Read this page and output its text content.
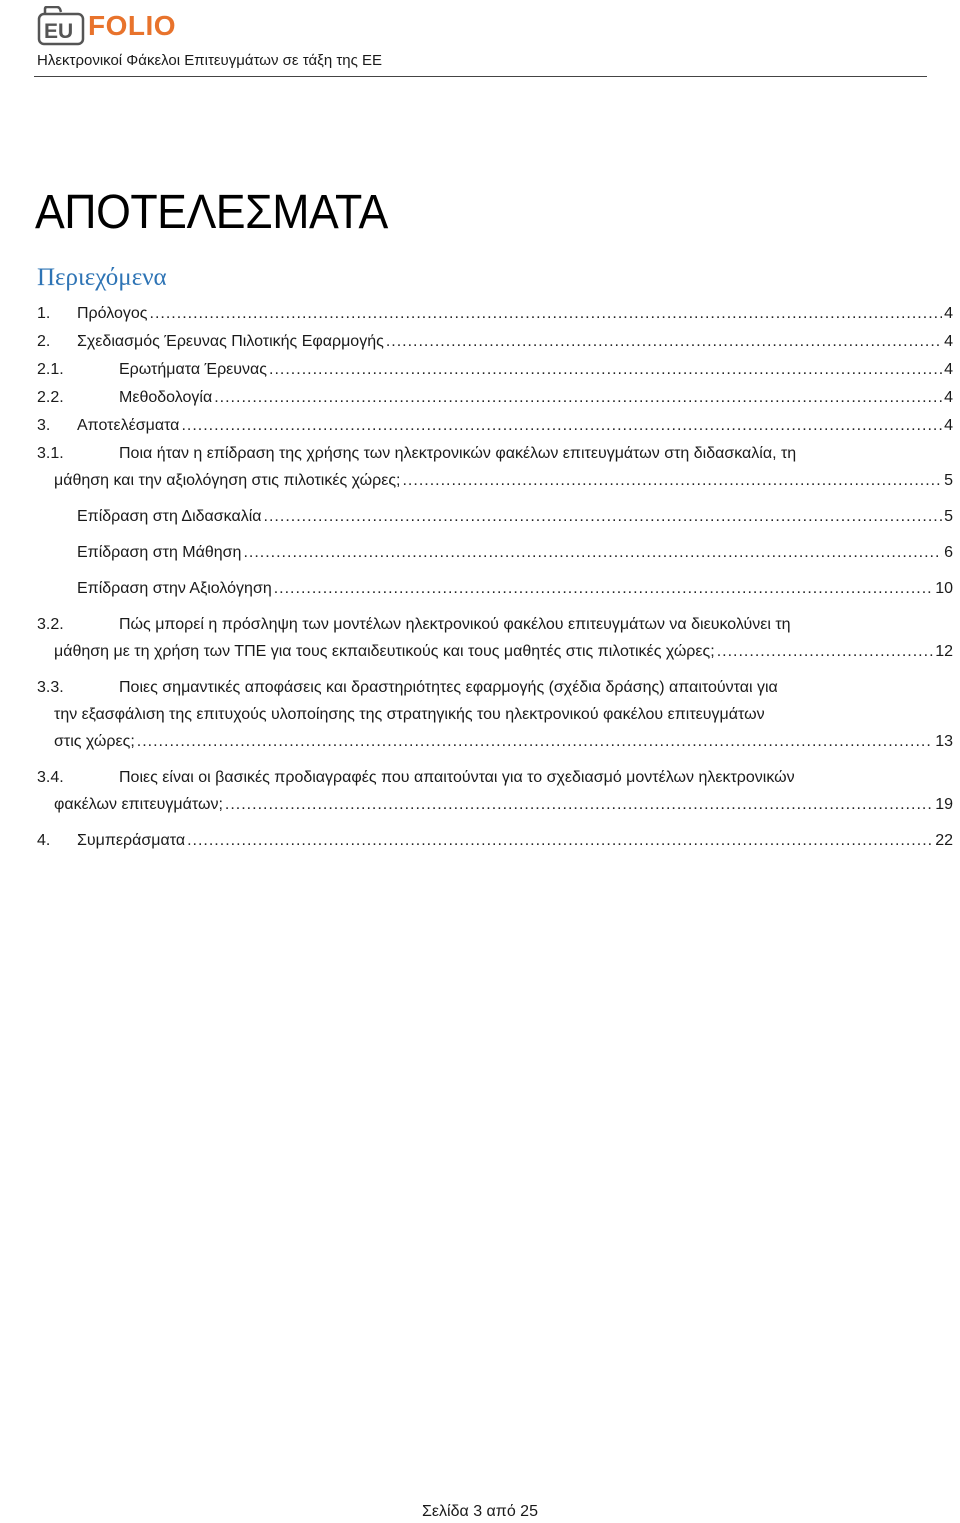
EU FOLIO
Ηλεκτρονικοί Φάκελοι Επιτευγμάτων σε τάξη της ΕΕ
ΑΠΟΤΕΛΕΣΜΑΤΑ
Περιεχόμενα
1.	Πρόλογος .....	4
2.	Σχεδιασμός Έρευνας Πιλοτικής Εφαρμογής .....	4
2.1.	Ερωτήματα Έρευνας .....	4
2.2.	Μεθοδολογία .....	4
3.	Αποτελέσματα .....	4
3.1.	Ποια ήταν η επίδραση της χρήσης των ηλεκτρονικών φακέλων επιτευγμάτων στη διδασκαλία, τη
μάθηση και την αξιολόγηση στις πιλοτικές χώρες; .....	5
Επίδραση στη Διδασκαλία .....	5
Επίδραση στη Μάθηση .....	6
Επίδραση στην Αξιολόγηση .....	10
3.2.	Πώς μπορεί η πρόσληψη των μοντέλων ηλεκτρονικού φακέλου επιτευγμάτων να διευκολύνει τη
μάθηση με τη χρήση των ΤΠΕ για τους εκπαιδευτικούς και τους μαθητές στις πιλοτικές χώρες; .....	12
3.3.	Ποιες σημαντικές αποφάσεις και δραστηριότητες εφαρμογής (σχέδια δράσης) απαιτούνται για
την εξασφάλιση της επιτυχούς υλοποίησης της στρατηγικής του ηλεκτρονικού φακέλου επιτευγμάτων
στις χώρες; .....	13
3.4.	Ποιες είναι οι βασικές προδιαγραφές που απαιτούνται για το σχεδιασμό μοντέλων ηλεκτρονικών
φακέλων επιτευγμάτων; .....	19
4.	Συμπεράσματα .....	22
Σελίδα 3 από 25
